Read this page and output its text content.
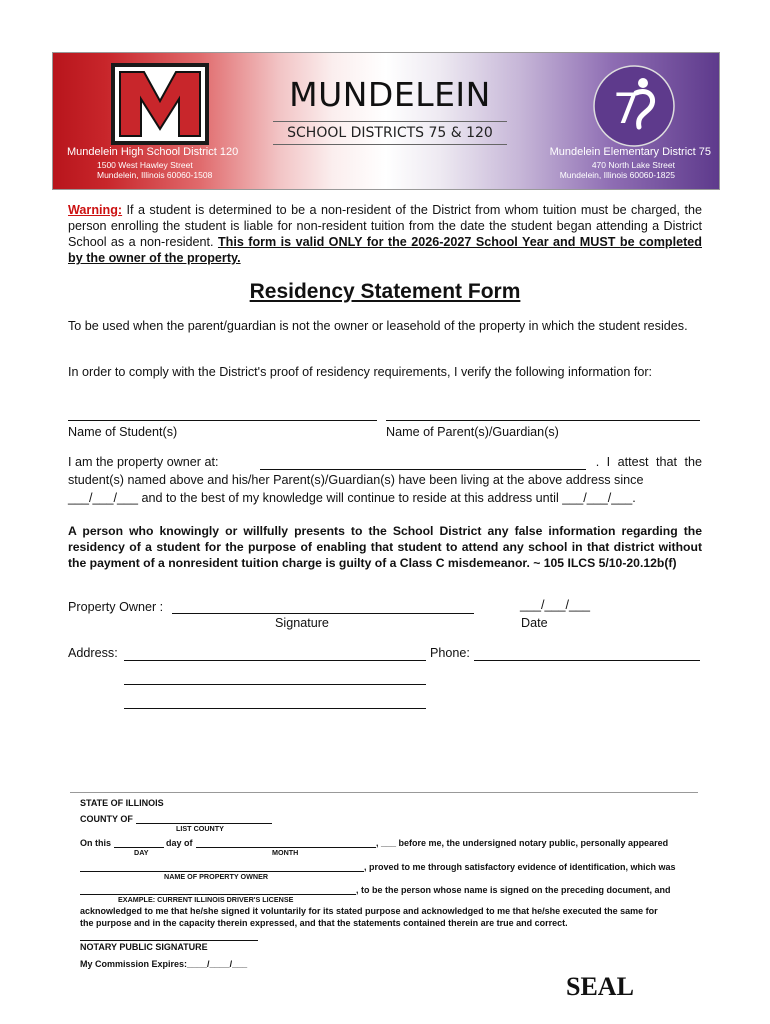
MUNDELEIN
SCHOOL DISTRICTS 75 & 120
Mundelein High School District 120
1500 West Hawley Street
Mundelein, Illinois 60060-1508
7
Mundelein Elementary District 75
470 North Lake Street
Mundelein, Illinois 60060-1825
Warning: If a student is determined to be a non-resident of the District from whom tuition must be charged, the person enrolling the student is liable for non-resident tuition from the date the student began attending a District School as a non-resident. This form is valid ONLY for the 2026-2027 School Year and MUST be completed by the owner of the property.
Residency Statement Form
To be used when the parent/guardian is not the owner or leasehold of the property in which the student resides.
In order to comply with the District's proof of residency requirements, I verify the following information for:
Name of Student(s)	Name of Parent(s)/Guardian(s)
I am the property owner at:	. I attest that the
student(s) named above and his/her Parent(s)/Guardian(s) have been living at the above address since
___/___/___ and to the best of my knowledge will continue to reside at this address until ___/___/___.
A person who knowingly or willfully presents to the School District any false information regarding the residency of a student for the purpose of enabling that student to attend any school in that district without the payment of a nonresident tuition charge is guilty of a Class C misdemeanor. ~ 105 ILCS 5/10-20.12b(f)
Property Owner :	___/___/___
Signature	Date
Address:	Phone:
STATE OF ILLINOIS
COUNTY OF
LIST COUNTY
On this	day of	, ___ before me, the undersigned notary public, personally appeared
DAY	MONTH
, proved to me through satisfactory evidence of identification, which was
NAME OF PROPERTY OWNER
, to be the person whose name is signed on the preceding document, and
EXAMPLE: CURRENT ILLINOIS DRIVER'S LICENSE
acknowledged to me that he/she signed it voluntarily for its stated purpose and acknowledged to me that he/she executed the same for
the purpose and in the capacity therein expressed, and that the statements contained therein are true and correct.
NOTARY PUBLIC SIGNATURE
My Commission Expires:____/____/___
SEAL
